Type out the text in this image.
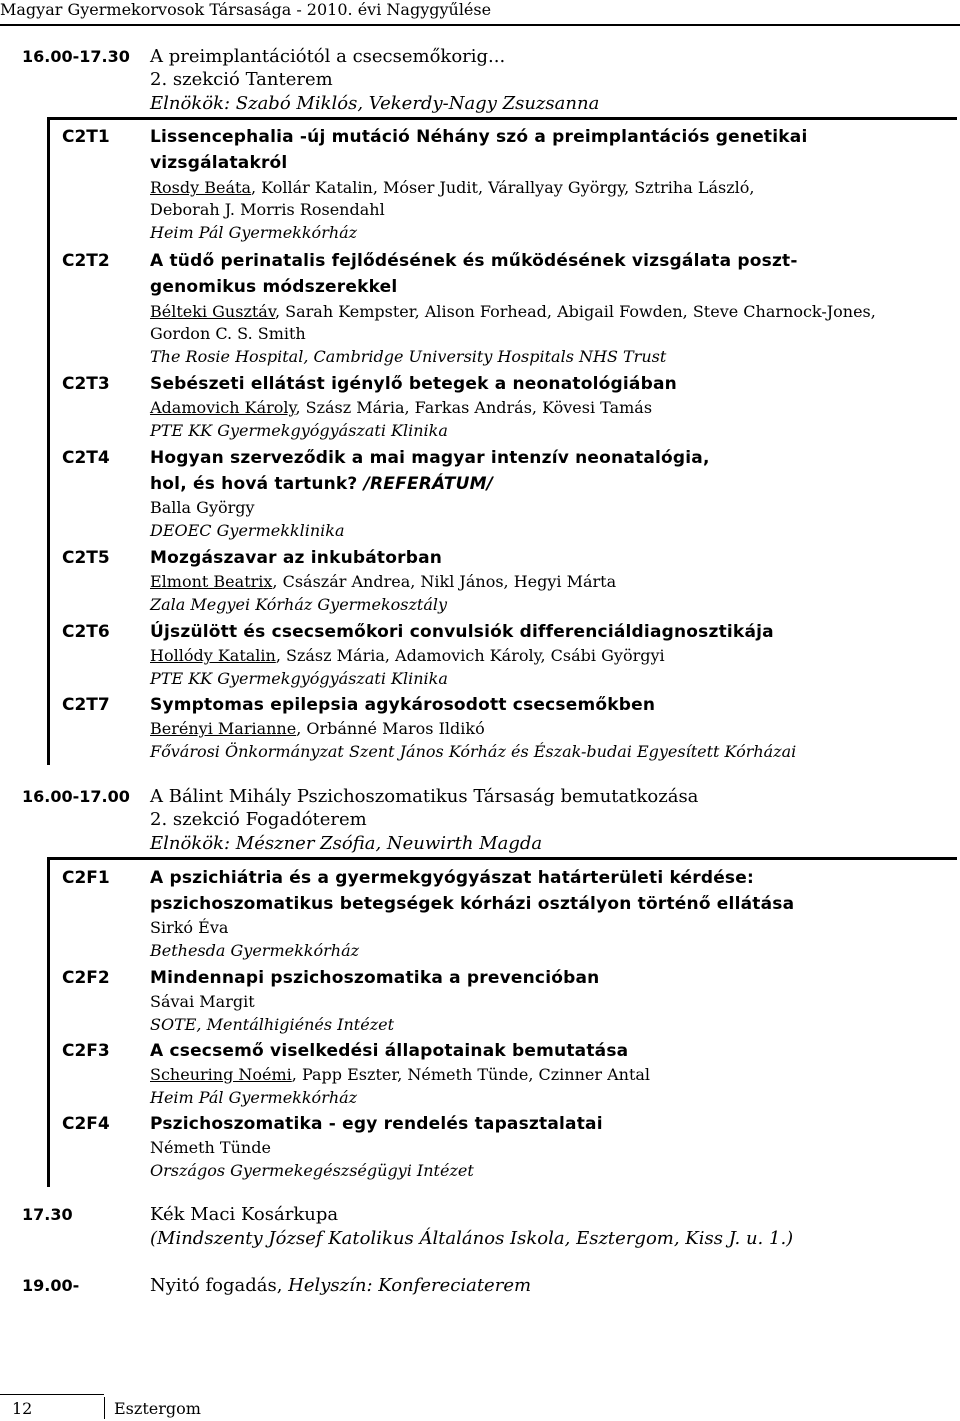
Magyar Gyermekorvosok Társasága - 2010. évi Nagygyűlése
16.00-17.30 A preimplantációtól a csecsemőkorig...
2. szekció Tanterem
Elnökök: Szabó Miklós, Vekerdy-Nagy Zsuzsanna
C2T1 Lissencephalia -új mutáció Néhány szó a preimplantációs genetikai
vizsgálatakról
Rosdy Beáta, Kollár Katalin, Móser Judit, Várallyay György, Sztriha László,
Deborah J. Morris Rosendahl
Heim Pál Gyermekkórház
C2T2 A tüdő perinatalis fejlődésének és működésének vizsgálata poszt-
genomikus módszerekkel
Bélteki Gusztáv, Sarah Kempster, Alison Forhead, Abigail Fowden, Steve Charnock-Jones,
Gordon C. S. Smith
The Rosie Hospital, Cambridge University Hospitals NHS Trust
C2T3 Sebészeti ellátást igénylő betegek a neonatológiában
Adamovich Károly, Szász Mária, Farkas András, Kövesi Tamás
PTE KK Gyermekgyógyászati Klinika
C2T4 Hogyan szerveződik a mai magyar intenzív neonatalógia,
hol, és hová tartunk? /REFERÁTUM/
Balla György
DEOEC Gyermekklinika
C2T5 Mozgászavar az inkubátorban
Elmont Beatrix, Császár Andrea, Nikl János, Hegyi Márta
Zala Megyei Kórház Gyermekosztály
C2T6 Újszülött és csecsemőkori convulsiók differenciáldiagnosztikája
Hollódy Katalin, Szász Mária, Adamovich Károly, Csábi Györgyi
PTE KK Gyermekgyógyászati Klinika
C2T7 Symptomas epilepsia agykárosodott csecsemőkben
Berényi Marianne, Orbánné Maros Ildikó
Fővárosi Önkormányzat Szent János Kórház és Észak-budai Egyesített Kórházai
16.00-17.00 A Bálint Mihály Pszichoszomatikus Társaság bemutatkozása
2. szekció Fogadóterem
Elnökök: Mészner Zsófia, Neuwirth Magda
C2F1 A pszichiátria és a gyermekgyógyászat határterületi kérdése:
pszichoszomatikus betegségek kórházi osztályon történő ellátása
Sirkó Éva
Bethesda Gyermekkórház
C2F2 Mindennapi pszichoszomatika a prevencióban
Sávai Margit
SOTE, Mentálhigiénés Intézet
C2F3 A csecsemő viselkedési állapotainak bemutatása
Scheuring Noémi, Papp Eszter, Németh Tünde, Czinner Antal
Heim Pál Gyermekkórház
C2F4 Pszichoszomatika - egy rendelés tapasztalatai
Németh Tünde
Országos Gyermekegészségügyi Intézet
17.30	Kék Maci Kosárkupa
(Mindszenty József Katolikus Általános Iskola, Esztergom, Kiss J. u. 1.)
19.00-	Nyitó fogadás, Helyszín: Konfereciaterem
12	Esztergom
